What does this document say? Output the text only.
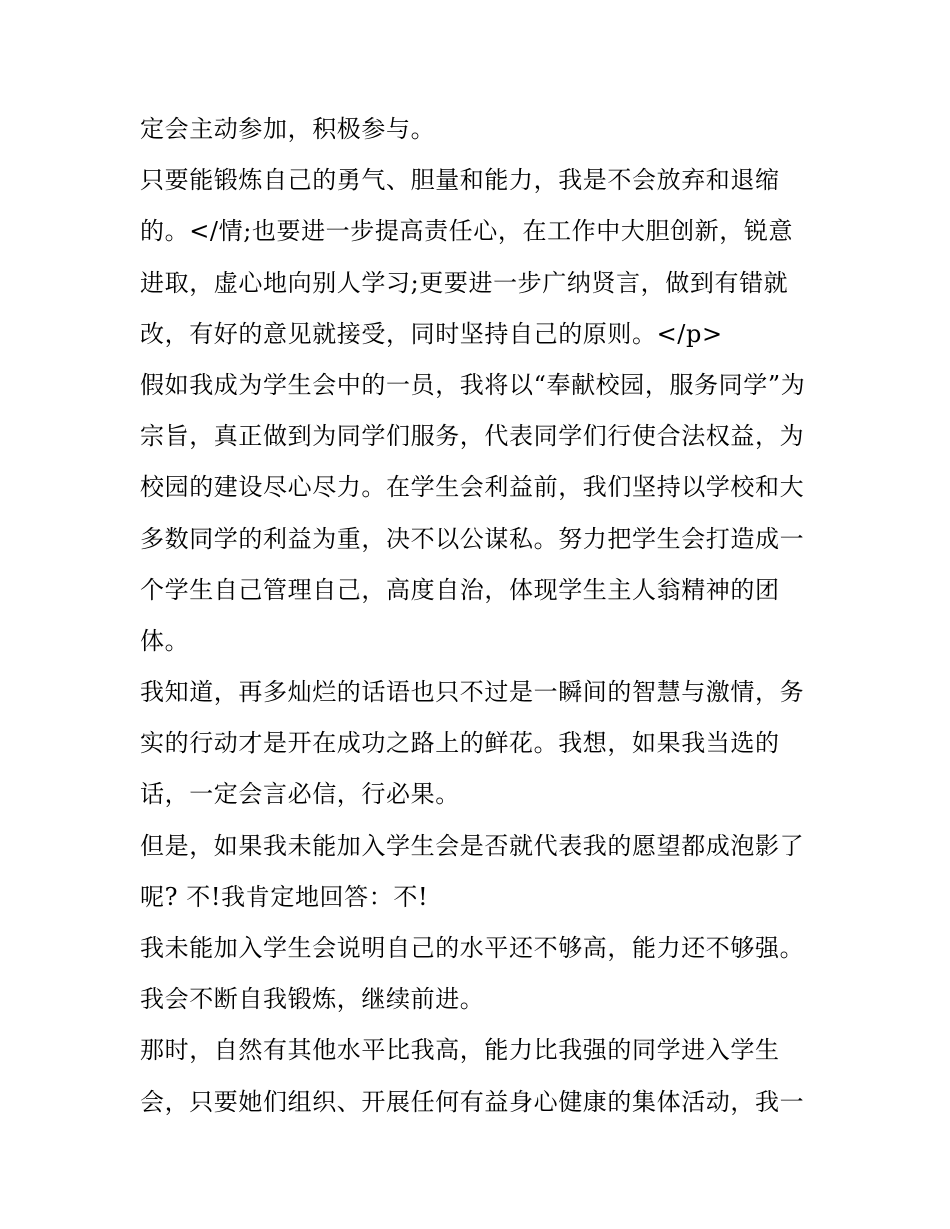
定会主动参加，积极参与。
只要能锻炼自己的勇气、胆量和能力，我是不会放弃和退缩
的。</情;也要进一步提高责任心，在工作中大胆创新，锐意
进取，虚心地向别人学习;更要进一步广纳贤言，做到有错就
改，有好的意见就接受，同时坚持自己的原则。</p>
假如我成为学生会中的一员，我将以“奉献校园，服务同学”为
宗旨，真正做到为同学们服务，代表同学们行使合法权益，为
校园的建设尽心尽力。在学生会利益前，我们坚持以学校和大
多数同学的利益为重，决不以公谋私。努力把学生会打造成一
个学生自己管理自己，高度自治，体现学生主人翁精神的团
体。
我知道，再多灿烂的话语也只不过是一瞬间的智慧与激情，务
实的行动才是开在成功之路上的鲜花。我想，如果我当选的
话，一定会言必信，行必果。
但是，如果我未能加入学生会是否就代表我的愿望都成泡影了
呢? 不!我肯定地回答：不!
我未能加入学生会说明自己的水平还不够高，能力还不够强。
我会不断自我锻炼，继续前进。
那时，自然有其他水平比我高，能力比我强的同学进入学生
会，只要她们组织、开展任何有益身心健康的集体活动，我一
